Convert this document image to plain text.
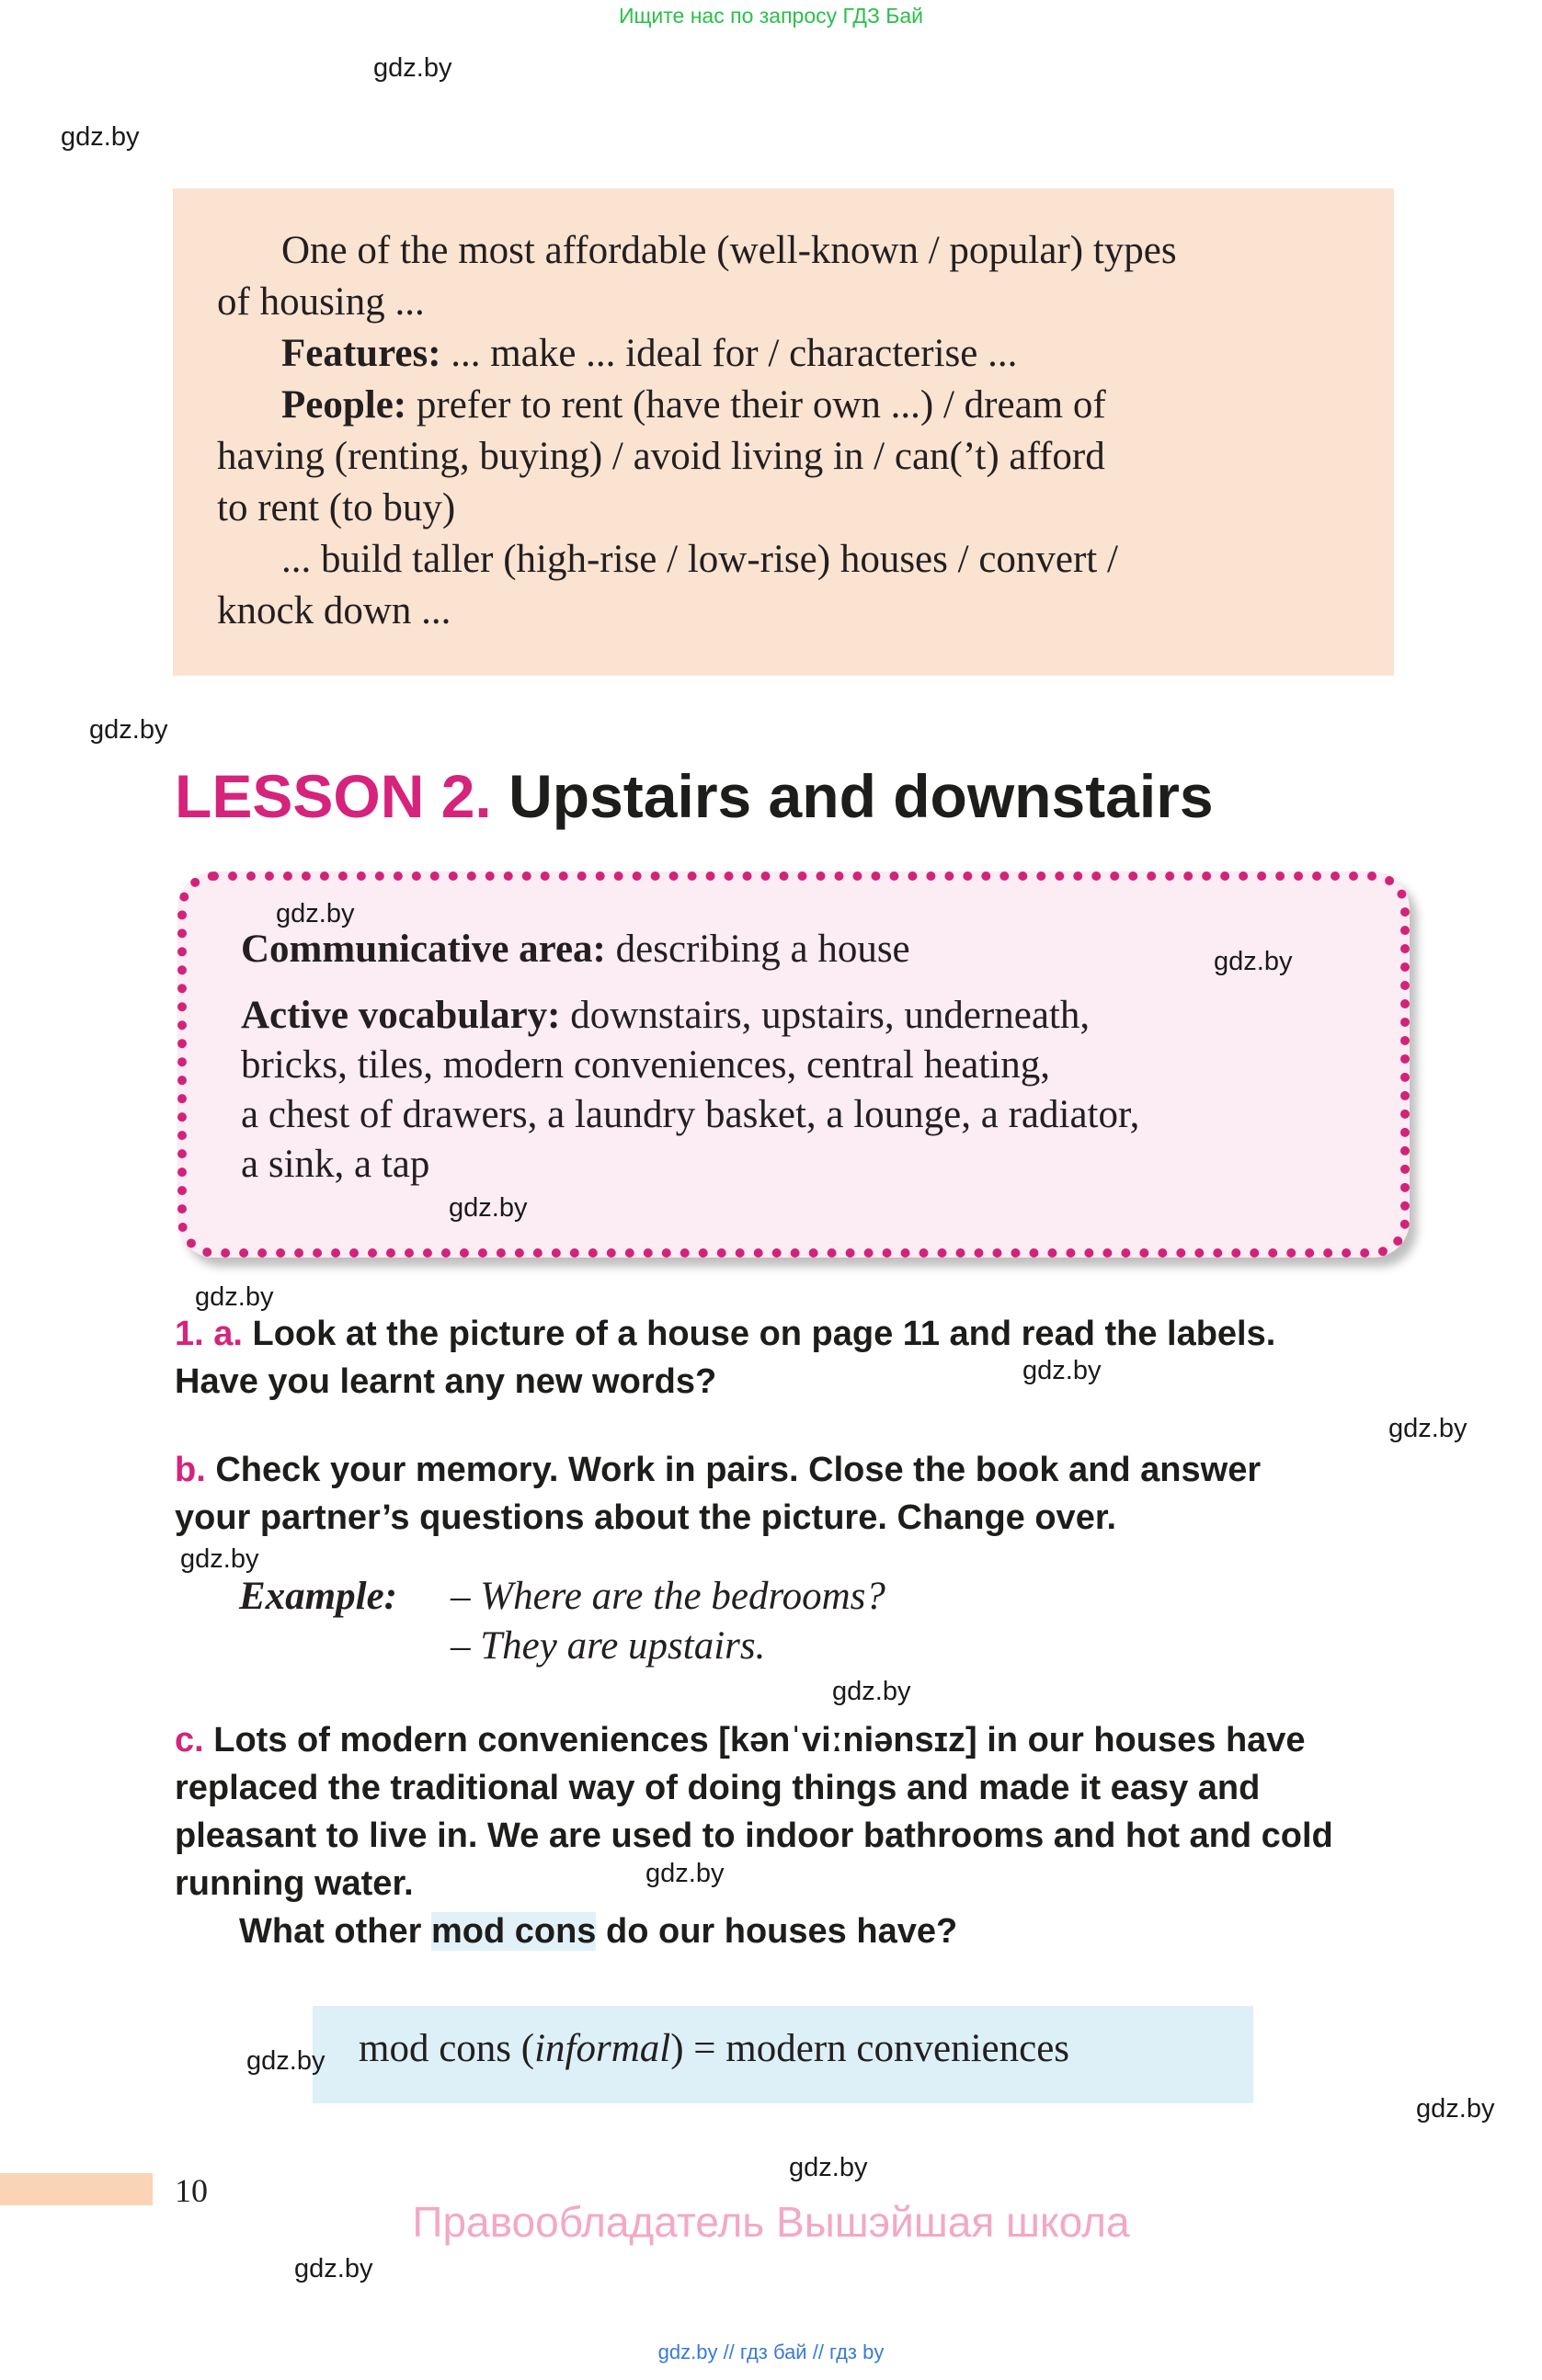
Ищите нас по запросу ГДЗ Бай
gdz.by
gdz.by
gdz.by

One of the most affordable (well-known / popular) types

of housing ...

Features: ... make ... ideal for / characterise ...

People: prefer to rent (have their own ...) / dream of

having (renting, buying) / avoid living in / can(’t) afford

to rent (to buy)

... build taller (high-rise / low-rise) houses / convert /

knock down ...

LESSON 2. Upstairs and downstairs
gdz.by
gdz.by
Communicative area: describing a house
Active vocabulary: downstairs, upstairs, underneath,
bricks, tiles, modern conveniences, central heating,
a chest of drawers, a laundry basket, a lounge, a radiator,
a sink, a tap
gdz.by
gdz.by
1. a. Look at the picture of a house on page 11 and read the labels.
Have you learnt any new words?	gdz.by
gdz.by
b. Check your memory. Work in pairs. Close the book and answer
your partner’s questions about the picture. Change over.
gdz.by
Example: – Where are the bedrooms?
– They are upstairs.
gdz.by
c. Lots of modern conveniences [kənˈviːniənsɪz] in our houses have
replaced the traditional way of doing things and made it easy and
pleasant to live in. We are used to indoor bathrooms and hot and cold
running water.	gdz.by
What other mod cons do our houses have?
mod cons (informal) = modern conveniences
gdz.by
gdz.by
gdz.by
10
Правообладатель Вышэйшая школа
gdz.by
gdz.by // гдз бай // гдз by
